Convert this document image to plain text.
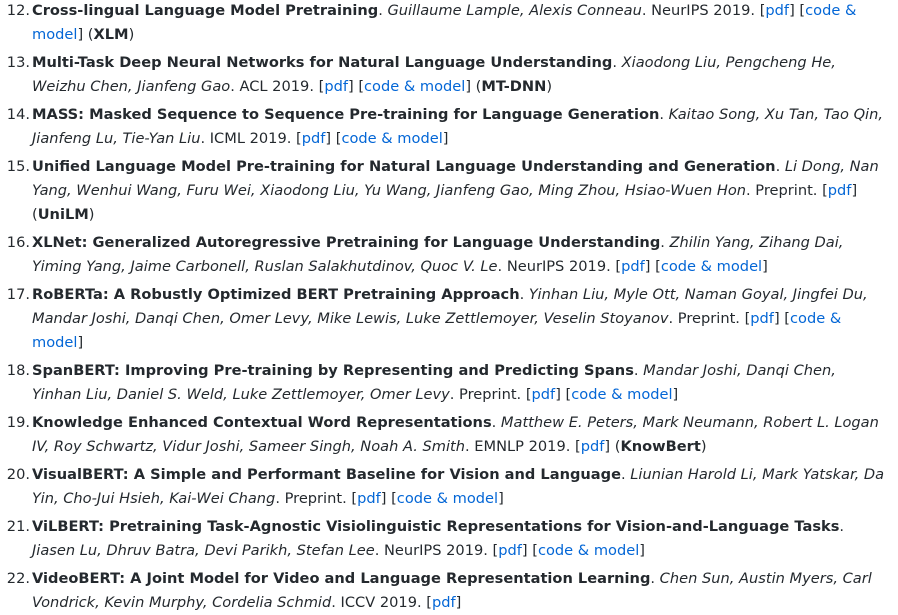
12. Cross-lingual Language Model Pretraining. Guillaume Lample, Alexis Conneau. NeurIPS 2019. [pdf] [code & model] (XLM)
13. Multi-Task Deep Neural Networks for Natural Language Understanding. Xiaodong Liu, Pengcheng He, Weizhu Chen, Jianfeng Gao. ACL 2019. [pdf] [code & model] (MT-DNN)
14. MASS: Masked Sequence to Sequence Pre-training for Language Generation. Kaitao Song, Xu Tan, Tao Qin, Jianfeng Lu, Tie-Yan Liu. ICML 2019. [pdf] [code & model]
15. Unified Language Model Pre-training for Natural Language Understanding and Generation. Li Dong, Nan Yang, Wenhui Wang, Furu Wei, Xiaodong Liu, Yu Wang, Jianfeng Gao, Ming Zhou, Hsiao-Wuen Hon. Preprint. [pdf] (UniLM)
16. XLNet: Generalized Autoregressive Pretraining for Language Understanding. Zhilin Yang, Zihang Dai, Yiming Yang, Jaime Carbonell, Ruslan Salakhutdinov, Quoc V. Le. NeurIPS 2019. [pdf] [code & model]
17. RoBERTa: A Robustly Optimized BERT Pretraining Approach. Yinhan Liu, Myle Ott, Naman Goyal, Jingfei Du, Mandar Joshi, Danqi Chen, Omer Levy, Mike Lewis, Luke Zettlemoyer, Veselin Stoyanov. Preprint. [pdf] [code & model]
18. SpanBERT: Improving Pre-training by Representing and Predicting Spans. Mandar Joshi, Danqi Chen, Yinhan Liu, Daniel S. Weld, Luke Zettlemoyer, Omer Levy. Preprint. [pdf] [code & model]
19. Knowledge Enhanced Contextual Word Representations. Matthew E. Peters, Mark Neumann, Robert L. Logan IV, Roy Schwartz, Vidur Joshi, Sameer Singh, Noah A. Smith. EMNLP 2019. [pdf] (KnowBert)
20. VisualBERT: A Simple and Performant Baseline for Vision and Language. Liunian Harold Li, Mark Yatskar, Da Yin, Cho-Jui Hsieh, Kai-Wei Chang. Preprint. [pdf] [code & model]
21. ViLBERT: Pretraining Task-Agnostic Visiolinguistic Representations for Vision-and-Language Tasks. Jiasen Lu, Dhruv Batra, Devi Parikh, Stefan Lee. NeurIPS 2019. [pdf] [code & model]
22. VideoBERT: A Joint Model for Video and Language Representation Learning. Chen Sun, Austin Myers, Carl Vondrick, Kevin Murphy, Cordelia Schmid. ICCV 2019. [pdf]
